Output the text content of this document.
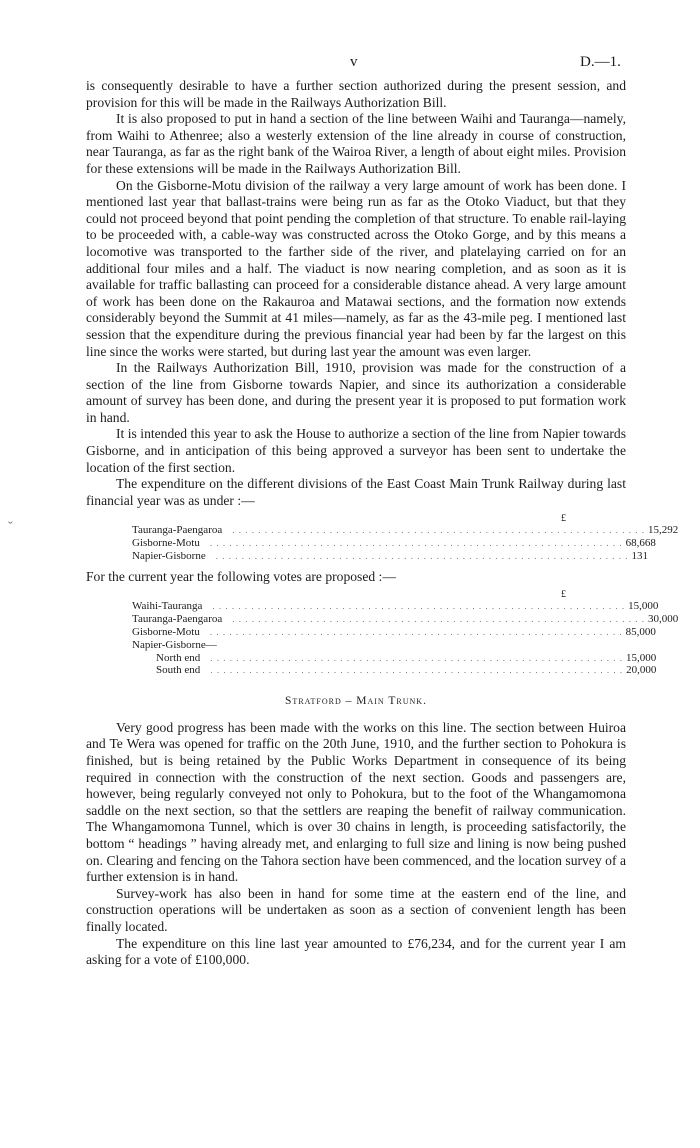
v	D.—1.
ˇ

is consequently desirable to have a further section authorized during the present session, and provision for this will be made in the Railways Authorization Bill.

It is also proposed to put in hand a section of the line between Waihi and Tauranga—namely, from Waihi to Athenree; also a westerly extension of the line already in course of construction, near Tauranga, as far as the right bank of the Wairoa River, a length of about eight miles. Provision for these extensions will be made in the Railways Authorization Bill.

On the Gisborne-Motu division of the railway a very large amount of work has been done. I mentioned last year that ballast-trains were being run as far as the Otoko Viaduct, but that they could not proceed beyond that point pending the completion of that structure. To enable rail-laying to be proceeded with, a cable-way was constructed across the Otoko Gorge, and by this means a locomotive was transported to the farther side of the river, and platelaying carried on for an additional four miles and a half. The viaduct is now nearing completion, and as soon as it is available for traffic ballasting can proceed for a considerable distance ahead. A very large amount of work has been done on the Rakauroa and Matawai sections, and the formation now extends considerably beyond the Summit at 41 miles—namely, as far as the 43-mile peg. I mentioned last session that the expenditure during the previous financial year had been by far the largest on this line since the works were started, but during last year the amount was even larger.

In the Railways Authorization Bill, 1910, provision was made for the construction of a section of the line from Gisborne towards Napier, and since its authorization a considerable amount of survey has been done, and during the present year it is proposed to put formation work in hand.

It is intended this year to ask the House to authorize a section of the line from Napier towards Gisborne, and in anticipation of this being approved a surveyor has been sent to undertake the location of the first section.

The expenditure on the different divisions of the East Coast Main Trunk Railway during last financial year was as under :—

£
Tauranga-Paengaroa . . . . . . . . . . . . . . . . . . . . . . . . . . . . . . . . . . . . . . . . . . . . . . . . . . . . . . . . . . . . . . . . 15,292
Gisborne-Motu . . . . . . . . . . . . . . . . . . . . . . . . . . . . . . . . . . . . . . . . . . . . . . . . . . . . . . . . . . . . . . . . 68,668
Napier-Gisborne . . . . . . . . . . . . . . . . . . . . . . . . . . . . . . . . . . . . . . . . . . . . . . . . . . . . . . . . . . . . . . . . 131

For the current year the following votes are proposed :—

£
Waihi-Tauranga . . . . . . . . . . . . . . . . . . . . . . . . . . . . . . . . . . . . . . . . . . . . . . . . . . . . . . . . . . . . . . . . 15,000
Tauranga-Paengaroa . . . . . . . . . . . . . . . . . . . . . . . . . . . . . . . . . . . . . . . . . . . . . . . . . . . . . . . . . . . . . . . . 30,000
Gisborne-Motu . . . . . . . . . . . . . . . . . . . . . . . . . . . . . . . . . . . . . . . . . . . . . . . . . . . . . . . . . . . . . . . . 85,000
Napier-Gisborne—
North end . . . . . . . . . . . . . . . . . . . . . . . . . . . . . . . . . . . . . . . . . . . . . . . . . . . . . . . . . . . . . . . . 15,000
South end . . . . . . . . . . . . . . . . . . . . . . . . . . . . . . . . . . . . . . . . . . . . . . . . . . . . . . . . . . . . . . . . 20,000
Stratford – Main Trunk.

Very good progress has been made with the works on this line. The section between Huiroa and Te Wera was opened for traffic on the 20th June, 1910, and the further section to Pohokura is finished, but is being retained by the Public Works Department in consequence of its being required in connection with the construction of the next section. Goods and passengers are, however, being regularly conveyed not only to Pohokura, but to the foot of the Whangamomona saddle on the next section, so that the settlers are reaping the benefit of railway communication. The Whangamomona Tunnel, which is over 30 chains in length, is proceeding satisfactorily, the bottom “ headings ” having already met, and enlarging to full size and lining is now being pushed on. Clearing and fencing on the Tahora section have been commenced, and the location survey of a further extension is in hand.

Survey-work has also been in hand for some time at the eastern end of the line, and construction operations will be undertaken as soon as a section of convenient length has been finally located.

The expenditure on this line last year amounted to £76,234, and for the current year I am asking for a vote of £100,000.
